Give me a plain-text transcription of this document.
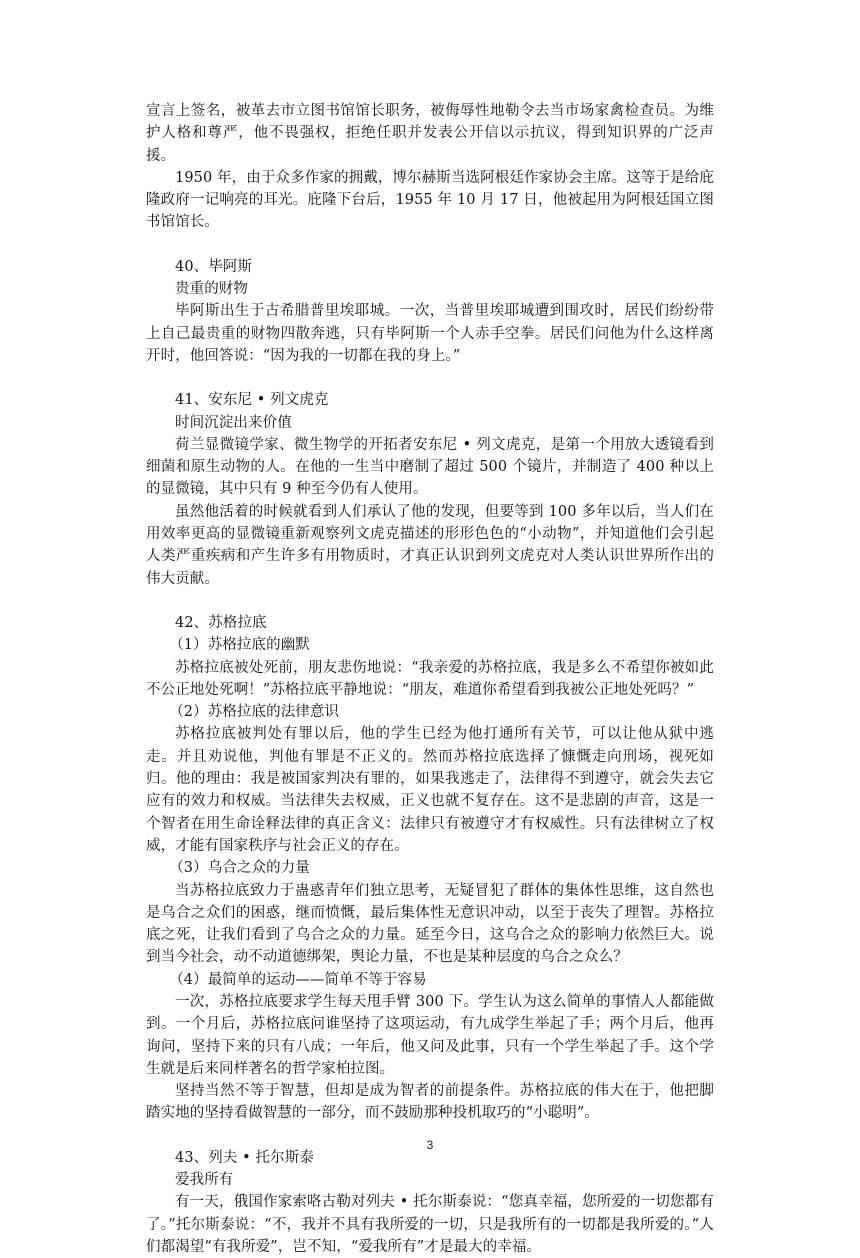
宣言上签名，被革去市立图书馆馆长职务，被侮辱性地勒令去当市场家禽检查员。为维护人格和尊严，他不畏强权，拒绝任职并发表公开信以示抗议，得到知识界的广泛声援。

1950 年，由于众多作家的拥戴，博尔赫斯当选阿根廷作家协会主席。这等于是给庇隆政府一记响亮的耳光。庇隆下台后，1955 年 10 月 17 日，他被起用为阿根廷国立图书馆馆长。

40、毕阿斯

贵重的财物

毕阿斯出生于古希腊普里埃耶城。一次，当普里埃耶城遭到围攻时，居民们纷纷带上自己最贵重的财物四散奔逃，只有毕阿斯一个人赤手空拳。居民们问他为什么这样离开时，他回答说：“因为我的一切都在我的身上。”

41、安东尼 • 列文虎克

时间沉淀出来价值

荷兰显微镜学家、微生物学的开拓者安东尼 • 列文虎克，是第一个用放大透镜看到细菌和原生动物的人。在他的一生当中磨制了超过 500 个镜片，并制造了 400 种以上的显微镜，其中只有 9 种至今仍有人使用。

虽然他活着的时候就看到人们承认了他的发现，但要等到 100 多年以后，当人们在用效率更高的显微镜重新观察列文虎克描述的形形色色的“小动物”，并知道他们会引起人类严重疾病和产生许多有用物质时，才真正认识到列文虎克对人类认识世界所作出的伟大贡献。

42、苏格拉底

（1）苏格拉底的幽默

苏格拉底被处死前，朋友悲伤地说：“我亲爱的苏格拉底，我是多么不希望你被如此不公正地处死啊！”苏格拉底平静地说：“朋友，难道你希望看到我被公正地处死吗？”

（2）苏格拉底的法律意识

苏格拉底被判处有罪以后，他的学生已经为他打通所有关节，可以让他从狱中逃走。并且劝说他，判他有罪是不正义的。然而苏格拉底选择了慷慨走向刑场，视死如归。他的理由：我是被国家判决有罪的，如果我逃走了，法律得不到遵守，就会失去它应有的效力和权威。当法律失去权威，正义也就不复存在。这不是悲剧的声音，这是一个智者在用生命诠释法律的真正含义：法律只有被遵守才有权威性。只有法律树立了权威，才能有国家秩序与社会正义的存在。

（3）乌合之众的力量

当苏格拉底致力于蛊惑青年们独立思考，无疑冒犯了群体的集体性思维，这自然也是乌合之众们的困惑，继而愤慨，最后集体性无意识冲动，以至于丧失了理智。苏格拉底之死，让我们看到了乌合之众的力量。延至今日，这乌合之众的影响力依然巨大。说到当今社会，动不动道德绑架，舆论力量，不也是某种层度的乌合之众么？

（4）最简单的运动——简单不等于容易

一次，苏格拉底要求学生每天甩手臂 300 下。学生认为这么简单的事情人人都能做到。一个月后，苏格拉底问谁坚持了这项运动，有九成学生举起了手；两个月后，他再询问，坚持下来的只有八成；一年后，他又问及此事，只有一个学生举起了手。这个学生就是后来同样著名的哲学家柏拉图。

坚持当然不等于智慧，但却是成为智者的前提条件。苏格拉底的伟大在于，他把脚踏实地的坚持看做智慧的一部分，而不鼓励那种投机取巧的“小聪明”。

43、列夫 • 托尔斯泰

爱我所有

有一天，俄国作家索咯古勒对列夫 • 托尔斯泰说：“您真幸福，您所爱的一切您都有了。”托尔斯泰说：“不，我并不具有我所爱的一切，只是我所有的一切都是我所爱的。”人们都渴望“有我所爱”，岂不知，“爱我所有”才是最大的幸福。

3
